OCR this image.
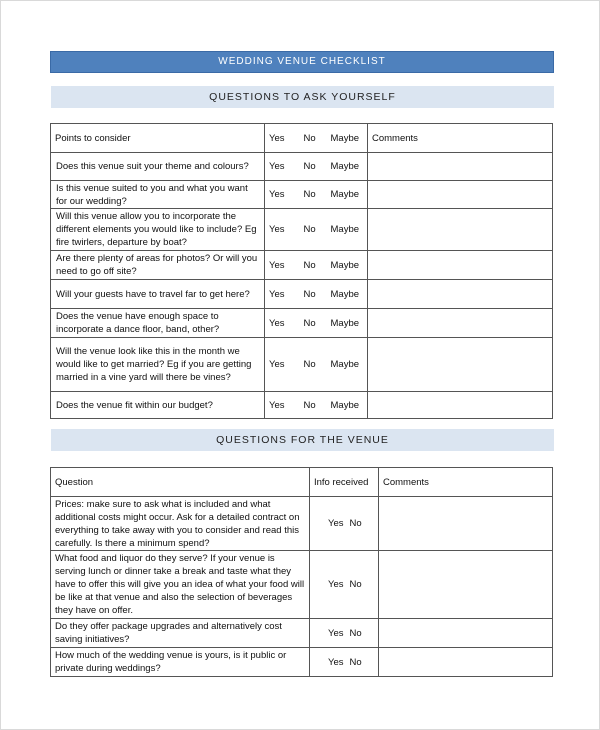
WEDDING VENUE CHECKLIST
QUESTIONS TO ASK YOURSELF
Points to consider	Yes	No	Maybe	Comments
Does this venue suit your theme and colours?	Yes	No	Maybe	
Is this venue suited to you and what you want for our wedding?	Yes	No	Maybe	
Will this venue allow you to incorporate the different elements you would like to include? Eg fire twirlers, departure by boat?	Yes	No	Maybe	
Are there plenty of areas for photos? Or will you need to go off site?	Yes	No	Maybe	
Will your guests have to travel far to get here?	Yes	No	Maybe	
Does the venue have enough space to incorporate a dance floor, band, other?	Yes	No	Maybe	
Will the venue look like this in the month we would like to get married? Eg if you are getting married in a vine yard will there be vines?	Yes	No	Maybe	
Does the venue fit within our budget?	Yes	No	Maybe	
QUESTIONS FOR THE VENUE
Question	Info received		Comments
Prices: make sure to ask what is included and what additional costs might occur. Ask for a detailed contract on everything to take away with you to consider and read this carefully. Is there a minimum spend?	Yes	No	
What food and liquor do they serve? If your venue is serving lunch or dinner take a break and taste what they have to offer this will give you an idea of what your food will be like at that venue and also the selection of beverages they have on offer.	Yes	No	
Do they offer package upgrades and alternatively cost saving initiatives?	Yes	No	
How much of the wedding venue is yours, is it public or private during weddings?	Yes	No	
